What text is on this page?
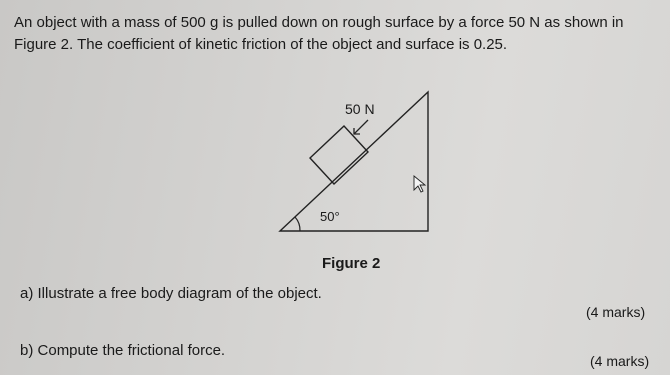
An object with a mass of 500 g is pulled down on rough surface by a force 50 N as shown in
Figure 2. The coefficient of kinetic friction of the object and surface is 0.25.

50 N
50°
Figure 2
a) Illustrate a free body diagram of the object.
(4 marks)
b) Compute the frictional force.
(4 marks)
